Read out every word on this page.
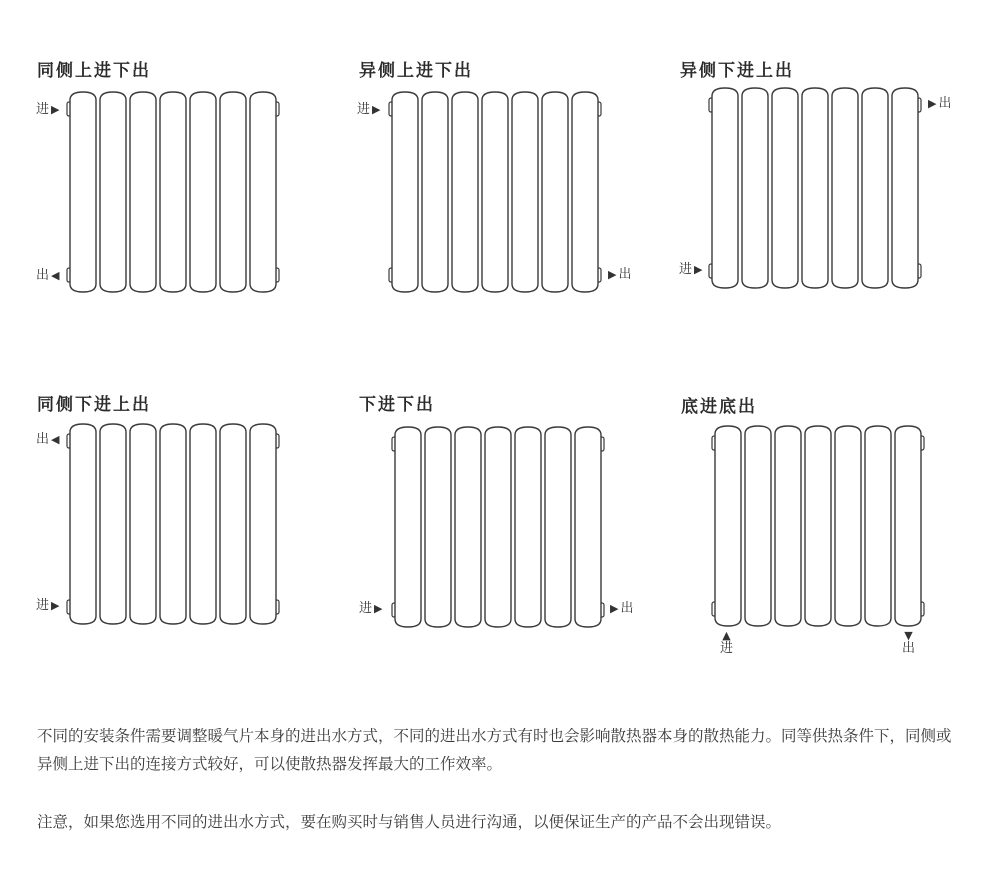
同侧上进下出
进 ▶
出 ◀
异侧上进下出
进 ▶
▶ 出
异侧下进上出
▶ 出
进 ▶
同侧下进上出
出 ◀
进 ▶
下进下出
进 ▶	▶ 出
底进底出
▲
进
▼
出

不同的安装条件需要调整暖气片本身的进出水方式，不同的进出水方式有时也会影响散热器本身的散热能力。同等供热条件下，同侧或异侧上进下出的连接方式较好，可以使散热器发挥最大的工作效率。

注意，如果您选用不同的进出水方式，要在购买时与销售人员进行沟通，以便保证生产的产品不会出现错误。
